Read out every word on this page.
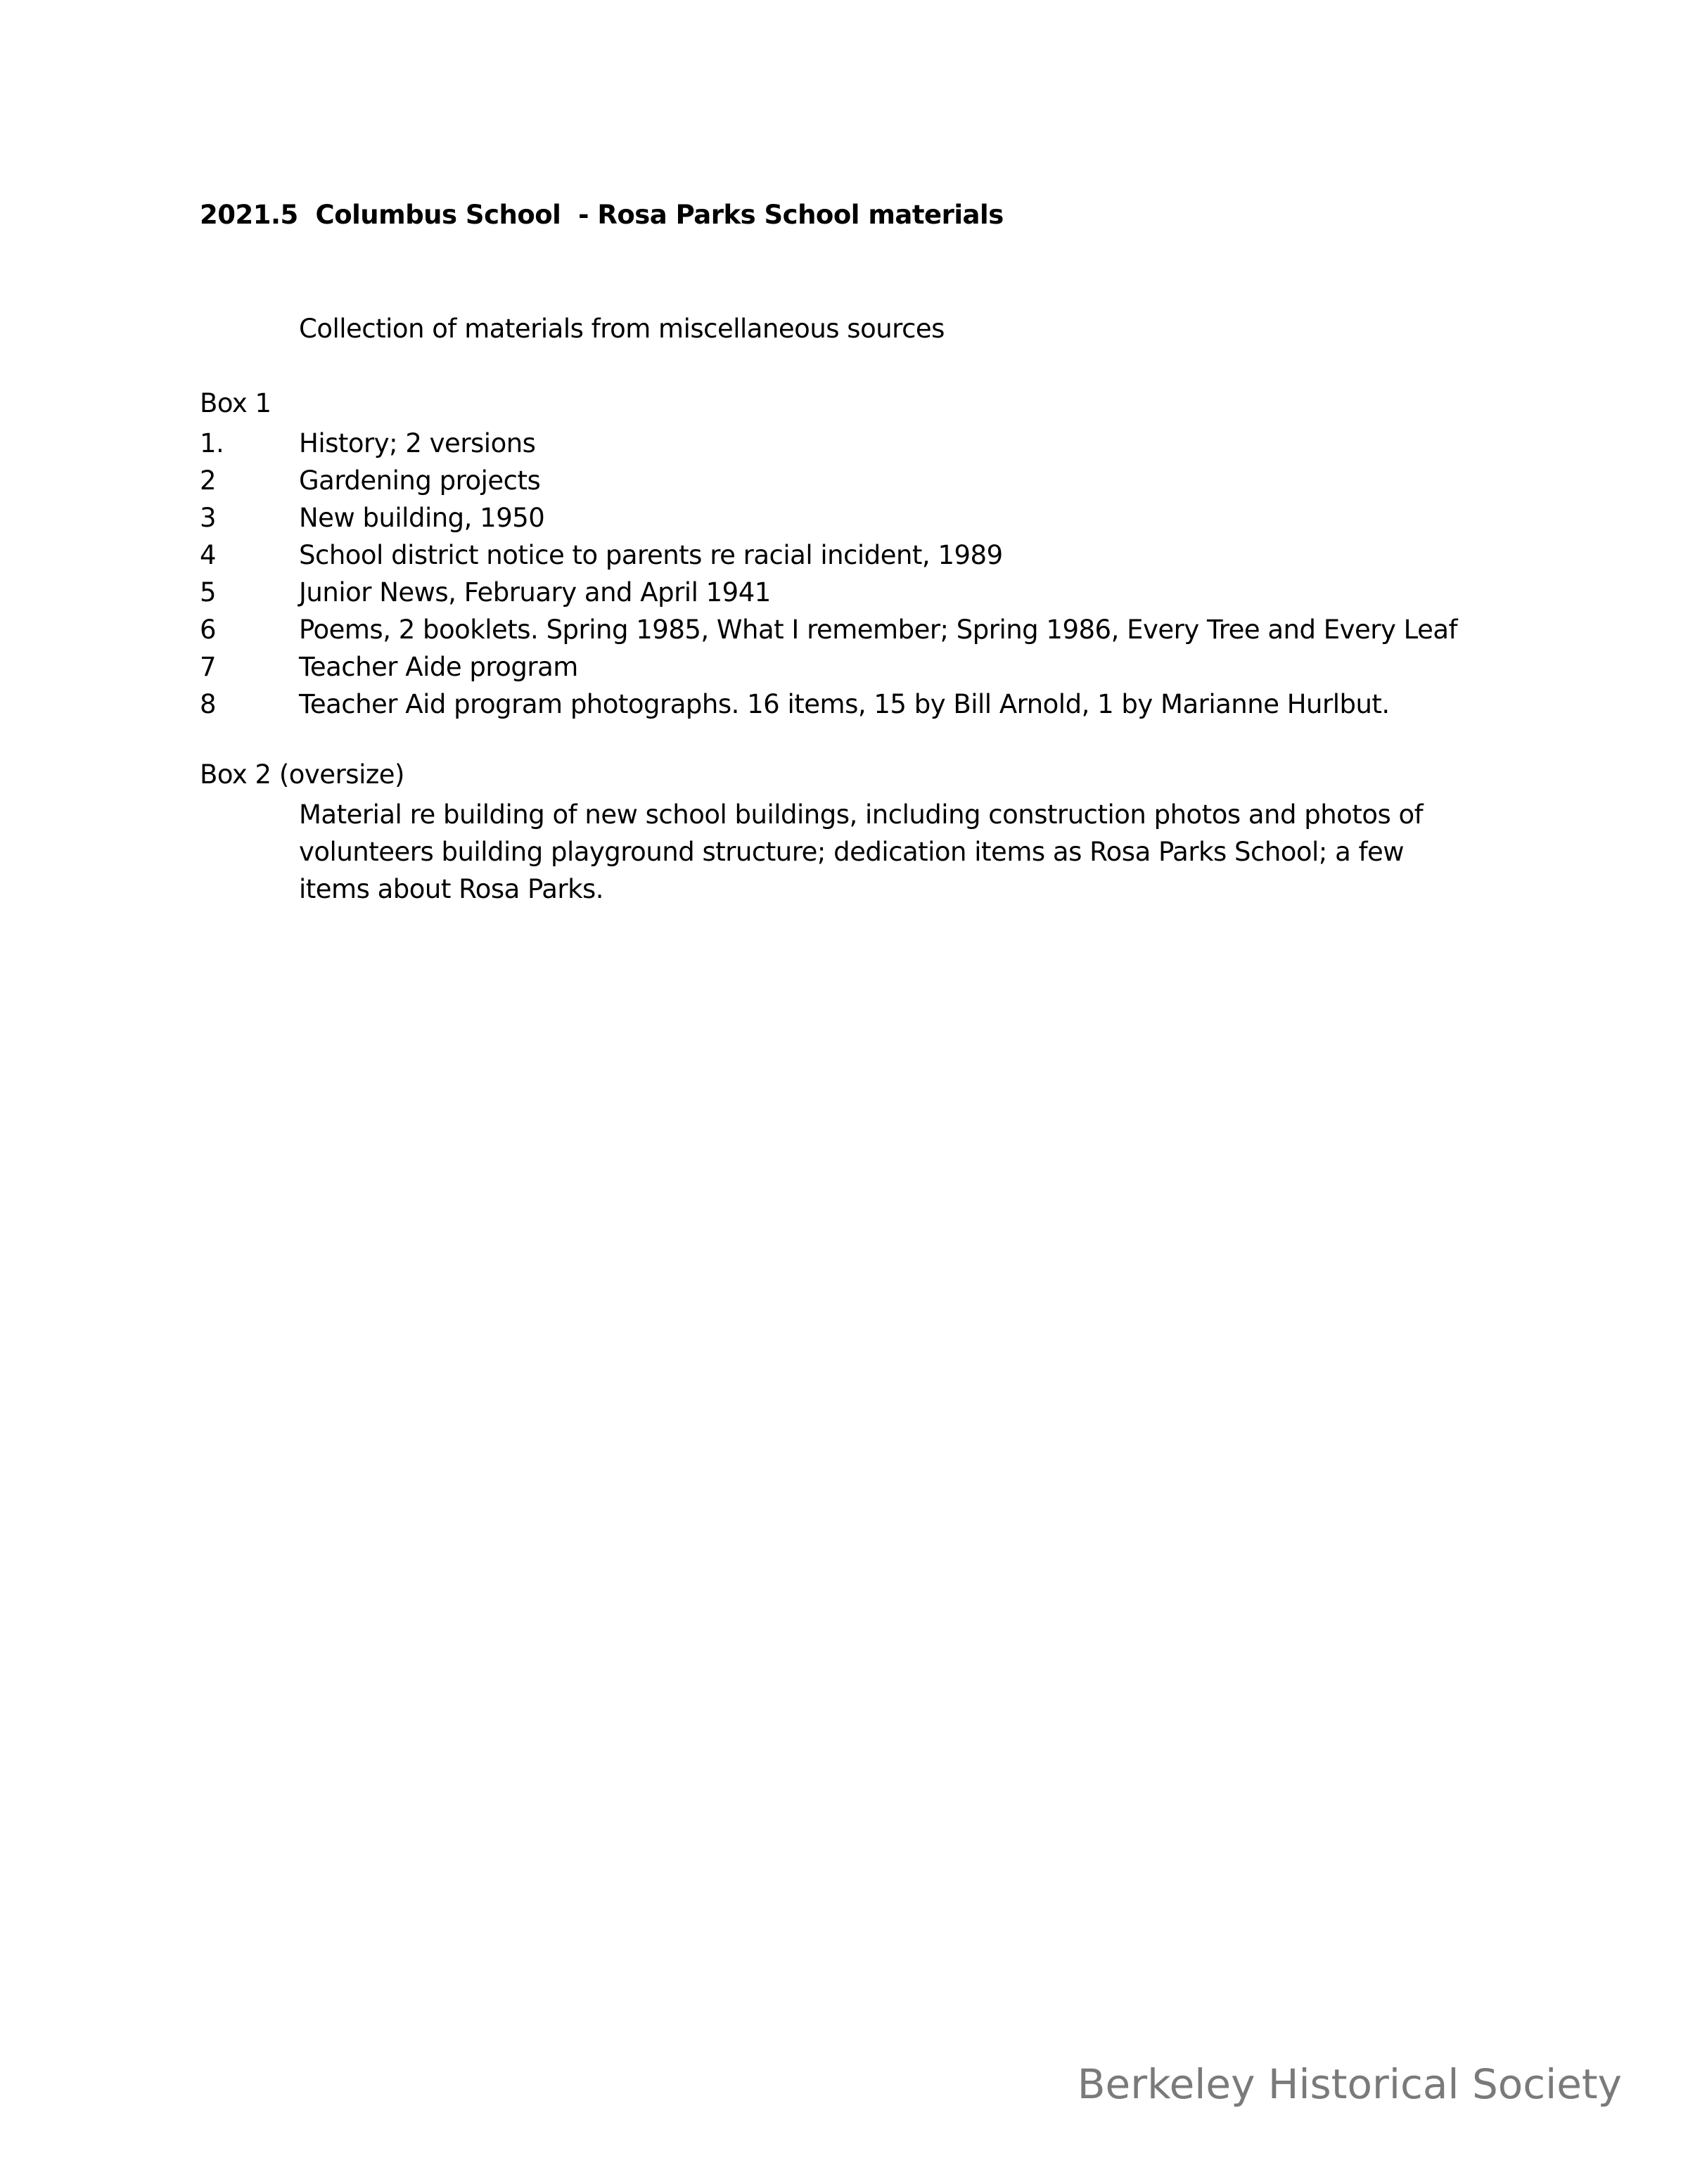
2021.5  Columbus School  - Rosa Parks School materials
Collection of materials from miscellaneous sources
Box 1
1.	History; 2 versions
2	Gardening projects
3	New building, 1950
4	School district notice to parents re racial incident, 1989
5	Junior News, February and April 1941
6	Poems, 2 booklets. Spring 1985, What I remember; Spring 1986, Every Tree and Every Leaf
7	Teacher Aide program
8	Teacher Aid program photographs. 16 items, 15 by Bill Arnold, 1 by Marianne Hurlbut.
Box 2 (oversize)
Material re building of new school buildings, including construction photos and photos of volunteers building playground structure; dedication items as Rosa Parks School; a few items about Rosa Parks.
Berkeley Historical Society
